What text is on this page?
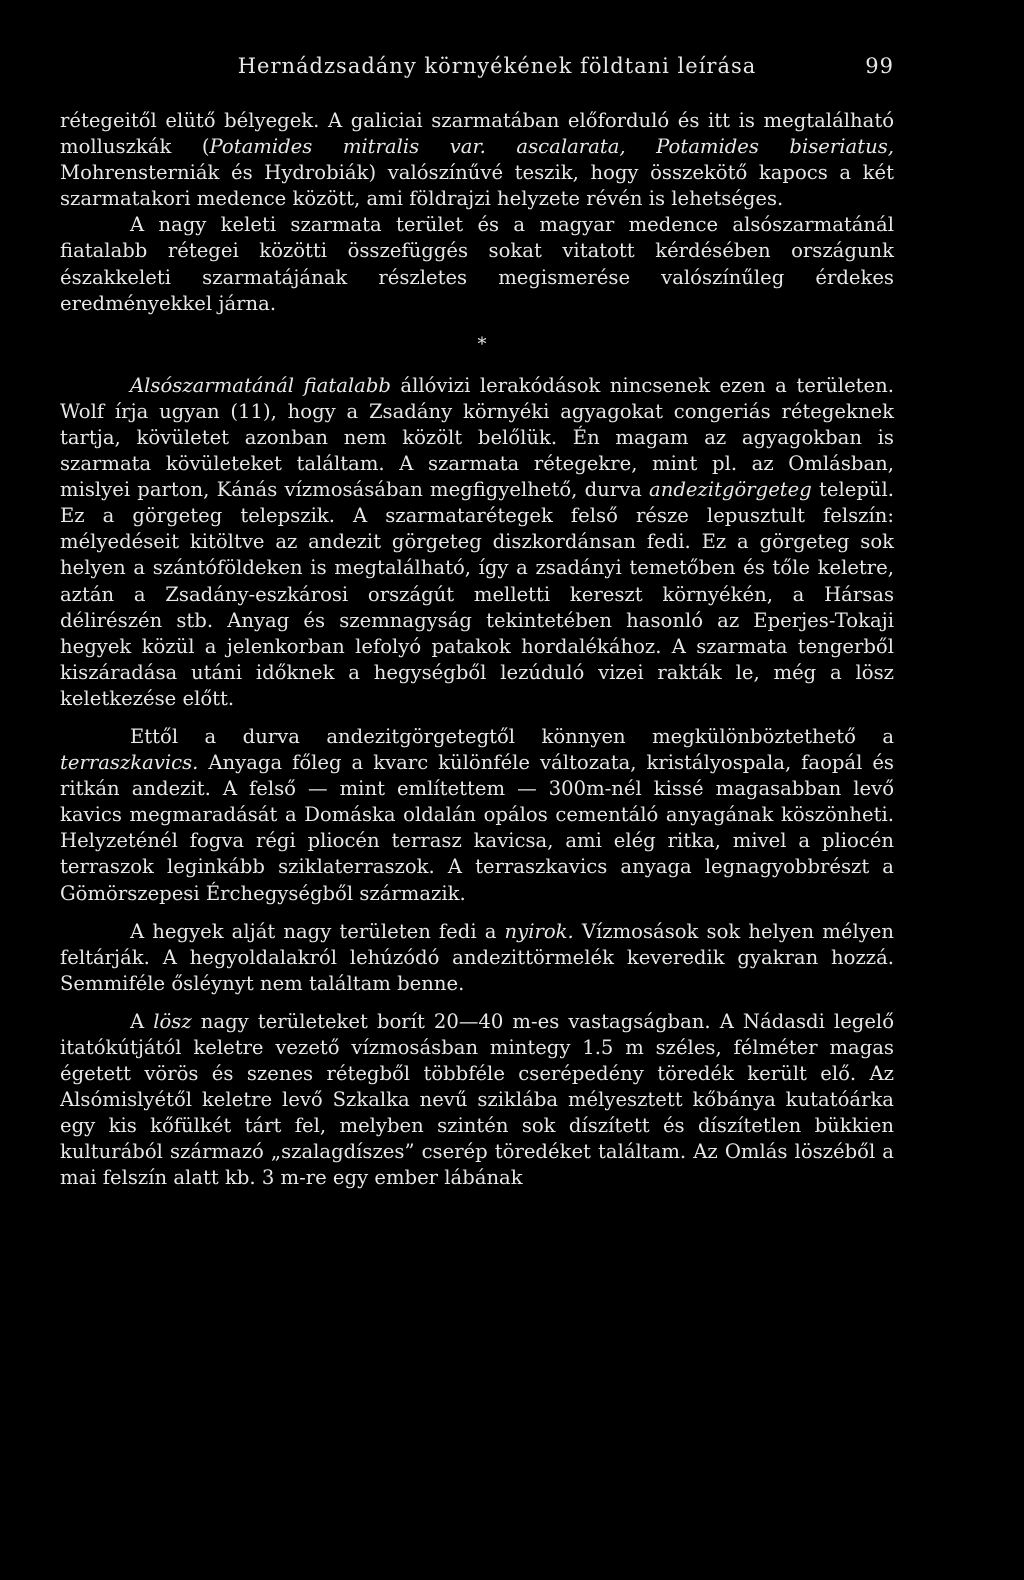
Hernádzsadány környékének földtani leírása	99

rétegeitől elütő bélyegek. A galiciai szarmatában előforduló és itt is megtalálható molluszkák (Potamides mitralis var. ascalarata, Potamides biseriatus, Mohrensterniák és Hydrobiák) valószínűvé teszik, hogy összekötő kapocs a két szarmatakori medence között, ami földrajzi helyzete révén is lehetséges.

A nagy keleti szarmata terület és a magyar medence alsószarmatánál fiatalabb rétegei közötti összefüggés sokat vitatott kérdésében országunk északkeleti szarmatájának részletes megismerése valószínűleg érdekes eredményekkel járna.

*

Alsószarmatánál fiatalabb állóvizi lerakódások nincsenek ezen a területen. Wolf írja ugyan (11), hogy a Zsadány környéki agyagokat congeriás rétegeknek tartja, kövületet azonban nem közölt belőlük. Én magam az agyagokban is szarmata kövületeket találtam. A szarmata rétegekre, mint pl. az Omlásban, mislyei parton, Kánás vízmosásában megfigyelhető, durva andezitgörgeteg települ. Ez a görgeteg telepszik. A szarmatarétegek felső része lepusztult felszín: mélyedéseit kitöltve az andezit görgeteg diszkordánsan fedi. Ez a görgeteg sok helyen a szántóföldeken is megtalálható, így a zsadányi temetőben és tőle keletre, aztán a Zsadány-eszkárosi országút melletti kereszt környékén, a Hársas délirészén stb. Anyag és szemnagyság tekintetében hasonló az Eperjes-Tokaji hegyek közül a jelenkorban lefolyó patakok hordalékához. A szarmata tengerből kiszáradása utáni időknek a hegységből lezúduló vizei rakták le, még a lösz keletkezése előtt.

Ettől a durva andezitgörgetegtől könnyen megkülönböztethető a terraszkavics. Anyaga főleg a kvarc különféle változata, kristályospala, faopál és ritkán andezit. A felső — mint említettem — 300m-nél kissé magasabban levő kavics megmaradását a Domáska oldalán opálos cementáló anyagának köszönheti. Helyzeténél fogva régi pliocén terrasz kavicsa, ami elég ritka, mivel a pliocén terraszok leginkább sziklaterraszok. A terraszkavics anyaga legnagyobbrészt a Gömörszepesi Érchegységből származik.

A hegyek alját nagy területen fedi a nyirok. Vízmosások sok helyen mélyen feltárják. A hegyoldalakról lehúzódó andezittörmelék keveredik gyakran hozzá. Semmiféle ősléynyt nem találtam benne.

A lösz nagy területeket borít 20—40 m-es vastagságban. A Nádasdi legelő itatókútjától keletre vezető vízmosásban mintegy 1.5 m széles, félméter magas égetett vörös és szenes rétegből többféle cserépedény töredék került elő. Az Alsómislyétől keletre levő Szkalka nevű sziklába mélyesztett kőbánya kutatóárka egy kis kőfülkét tárt fel, melyben szintén sok díszített és díszítetlen bükkien kulturából származó „szalagdíszes” cserép töredéket találtam. Az Omlás löszéből a mai felszín alatt kb. 3 m-re egy ember lábának
